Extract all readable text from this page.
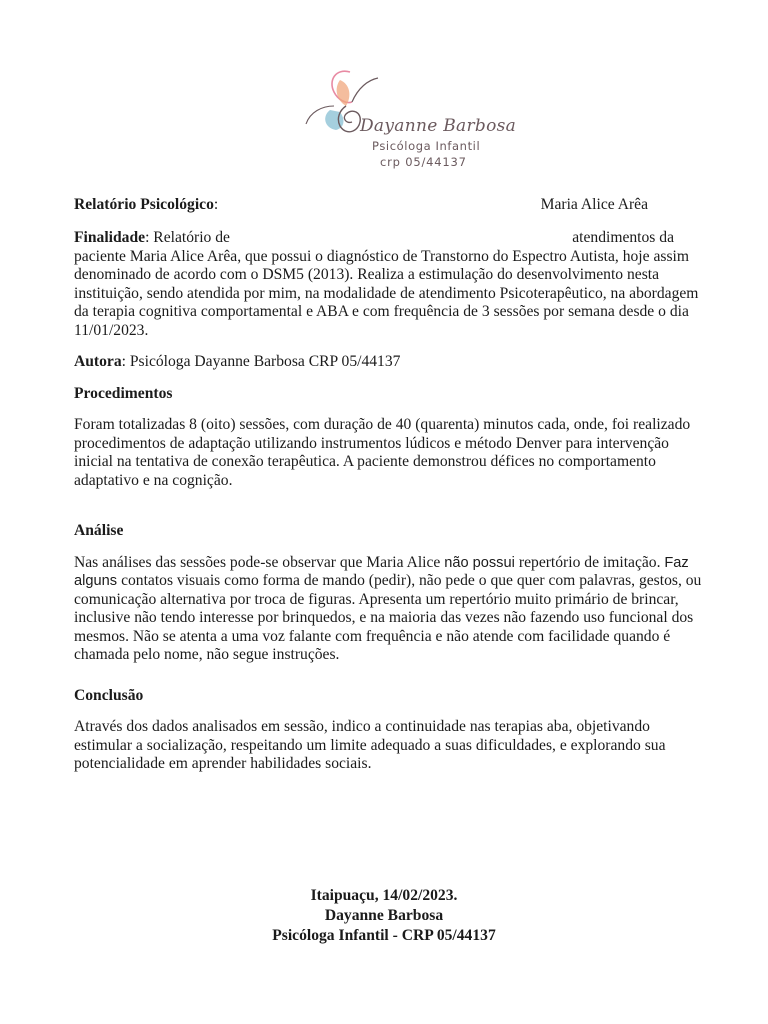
Dayanne Barbosa
Psicóloga Infantil
crp 05/44137
Relatório Psicológico:	Maria Alice Arêa
Finalidade: Relatório de	atendimentos da

paciente Maria Alice Arêa, que possui o diagnóstico de Transtorno do Espectro Autista, hoje assim denominado de acordo com o DSM5 (2013). Realiza a estimulação do desenvolvimento nesta instituição, sendo atendida por mim, na modalidade de atendimento Psicoterapêutico, na abordagem da terapia cognitiva comportamental e ABA e com frequência de 3 sessões por semana desde o dia 11/01/2023.

Autora: Psicóloga Dayanne Barbosa CRP 05/44137

Procedimentos

Foram totalizadas 8 (oito) sessões, com duração de 40 (quarenta) minutos cada, onde, foi realizado procedimentos de adaptação utilizando instrumentos lúdicos e método Denver para intervenção inicial na tentativa de conexão terapêutica. A paciente demonstrou défices no comportamento adaptativo e na cognição.

Análise

Nas análises das sessões pode-se observar que Maria Alice não possui repertório de imitação. Faz alguns contatos visuais como forma de mando (pedir), não pede o que quer com palavras, gestos, ou comunicação alternativa por troca de figuras. Apresenta um repertório muito primário de brincar, inclusive não tendo interesse por brinquedos, e na maioria das vezes não fazendo uso funcional dos mesmos. Não se atenta a uma voz falante com frequência e não atende com facilidade quando é chamada pelo nome, não segue instruções.

Conclusão

Através dos dados analisados em sessão, indico a continuidade nas terapias aba, objetivando estimular a socialização, respeitando um limite adequado a suas dificuldades, e explorando sua potencialidade em aprender habilidades sociais.

Itaipuaçu, 14/02/2023.
Dayanne Barbosa
Psicóloga Infantil - CRP 05/44137
